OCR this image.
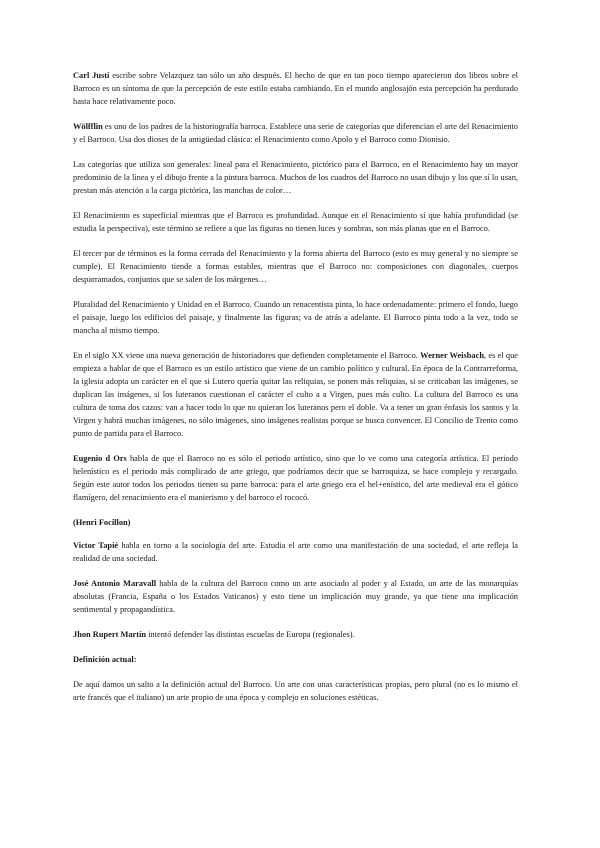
Carl Justi escribe sobre Velazquez tan sólo un año después. El hecho de que en tan poco tiempo aparecieron dos libros sobre el Barroco es un síntoma de que la percepción de este estilo estaba cambiando. En el mundo anglosajón esta percepción ha perdurado hasta hace relativamente poco.

Wölfflin es uno de los padres de la historiografía barroca. Establece una serie de categorías que diferencian el arte del Renacimiento y el Barroco. Usa dos dioses de la antigüedad clásica: el Renacimiento como Apolo y el Barroco como Dionisio.

Las categorías que utiliza son generales: lineal para el Renacimiento, pictórico para el Barroco, en el Renacimiento hay un mayor predominio de la línea y el dibujo frente a la pintura barroca. Muchos de los cuadros del Barroco no usan dibujo y los que sí lo usan, prestan más atención a la carga pictórica, las manchas de color…

El Renacimiento es superficial mientras que el Barroco es profundidad. Aunque en el Renacimiento sí que había profundidad (se estudia la perspectiva), este término se refiere a que las figuras no tienen luces y sombras, son más planas que en el Barroco.

El tercer par de términos es la forma cerrada del Renacimiento y la forma abierta del Barroco (esto es muy general y no siempre se cumple). El Renacimiento tiende a formas estables, mientras que el Barroco no: composiciones con diagonales, cuerpos desparramados, conjuntos que se salen de los márgenes…

Pluralidad del Renacimiento y Unidad en el Barroco. Cuando un renacentista pinta, lo hace ordenadamente: primero el fondo, luego el paisaje, luego los edificios del paisaje, y finalmente las figuras; va de atrás a adelante. El Barroco pinta todo a la vez, todo se mancha al mismo tiempo.

En el siglo XX viene una nueva generación de historiadores que defienden completamente el Barroco. Werner Weisbach, es el que empieza a hablar de que el Barroco es un estilo artístico que viene de un cambio político y cultural. En época de la Contrarreforma, la iglesia adopta un carácter en el que si Lutero quería quitar las reliquias, se ponen más reliquias, si se criticaban las imágenes, se duplican las imágenes, si los luteranos cuestionan el carácter el culto a a Virgen, pues más culto. La cultura del Barroco es una cultura de toma dos cazos: van a hacer todo lo que no quieran los luteranos pero el doble. Va a tener un gran énfasis los santos y la Virgen y habrá muchas imágenes, no sólo imágenes, sino imágenes realistas porque se busca convencer. El Concilio de Trento como punto de partida para el Barroco.

Eugenio d Ors habla de que el Barroco no es sólo el periodo artístico, sino que lo ve como una categoría artística. El periodo helenístico es el periodo más complicado de arte griego, que podríamos decir que se barroquiza, se hace complejo y recargado. Según este autor todos los periodos tienen su parte barroca: para el arte griego era el hel+enístico, del arte medieval era el gótico flamígero, del renacimiento era el manierismo y del barroco el rococó.

(Henri Focillon)

Victor Tapié habla en torno a la sociología del arte. Estudia el arte como una manifestación de una sociedad, el arte refleja la realidad de una sociedad.

José Antonio Maravall habla de la cultura del Barroco como un arte asociado al poder y al Estado, un arte de las monarquías absolutas (Francia, España o los Estados Vaticanos) y esto tiene un implicación muy grande, ya que tiene una implicación sentimental y propagandística.

Jhon Rupert Martín intentó defender las distintas escuelas de Europa (regionales).

Definición actual:

De aquí damos un salto a la definición actual del Barroco. Un arte con unas características propias, pero plural (no es lo mismo el arte francés que el italiano) un arte propio de una época y complejo en soluciones estéticas.
